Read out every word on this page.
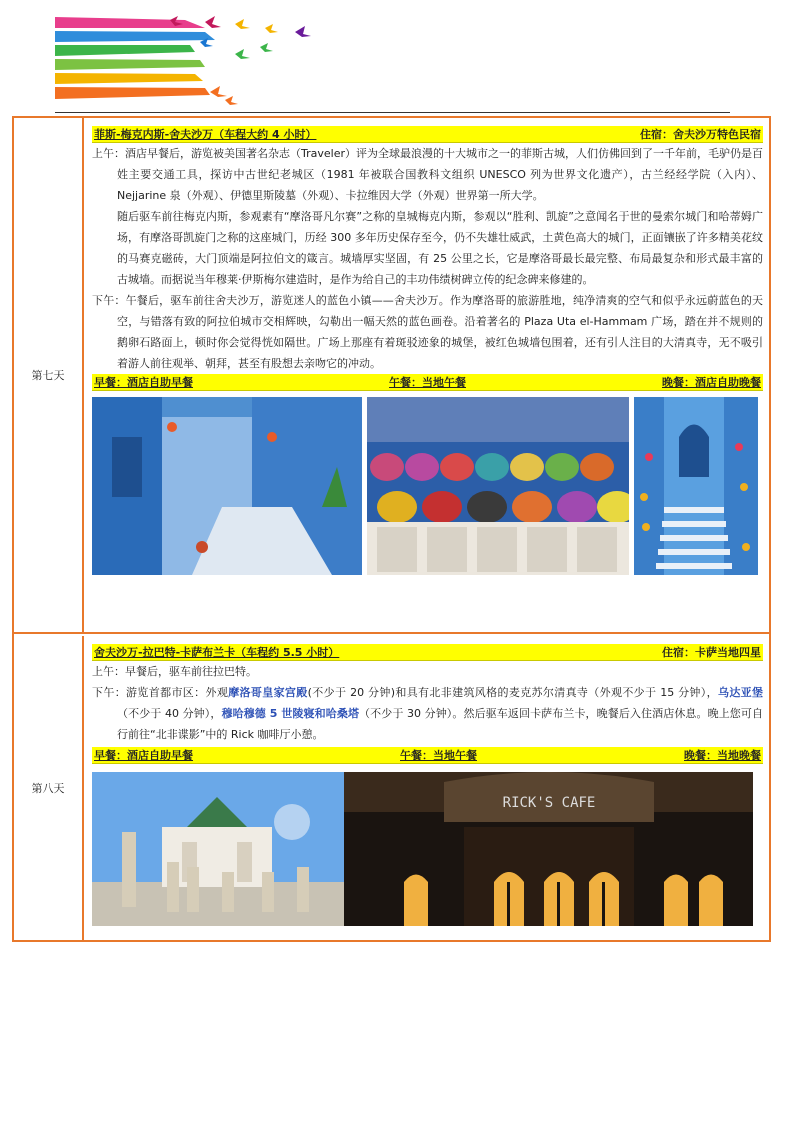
第七天
菲斯-梅克内斯-舍夫沙万（车程大约 4 小时）	住宿：舍夫沙万特色民宿

上午：酒店早餐后，游览被美国著名杂志（Traveler）评为全球最浪漫的十大城市之一的菲斯古城，人们仿佛回到了一千年前，毛驴仍是百姓主要交通工具，探访中古世纪老城区（1981 年被联合国教科文组织 UNESCO 列为世界文化遗产），古兰经经学院（入内）、Nejjarine 泉（外观）、伊德里斯陵墓（外观）、卡拉维因大学（外观）世界第一所大学。

随后驱车前往梅克内斯，参观素有“摩洛哥凡尔赛”之称的皇城梅克内斯，参观以“胜利、凯旋”之意闻名于世的曼索尔城门和哈蒂姆广场，有摩洛哥凯旋门之称的这座城门，历经 300 多年历史保存至今，仍不失雄壮威武，土黄色高大的城门，正面镶嵌了许多精美花纹的马赛克磁砖，大门顶端是阿拉伯文的箴言。城墙厚实坚固，有 25 公里之长，它是摩洛哥最长最完整、布局最复杂和形式最丰富的古城墙。而据说当年穆莱·伊斯梅尔建造时，是作为给自己的丰功伟绩树碑立传的纪念碑来修建的。

下午：午餐后，驱车前往舍夫沙万，游览迷人的蓝色小镇——舍夫沙万。作为摩洛哥的旅游胜地，纯净清爽的空气和似乎永远蔚蓝色的天空，与错落有致的阿拉伯城市交相辉映，勾勒出一幅天然的蓝色画卷。沿着著名的 Plaza Uta el-Hammam 广场，踏在并不规则的鹅卵石路面上，顿时你会觉得恍如隔世。广场上那座有着斑驳迹象的城堡，被红色城墙包围着，还有引人注目的大清真寺，无不吸引着游人前往观举、朝拜，甚至有股想去亲吻它的冲动。

早餐：酒店自助早餐	午餐：当地午餐	晚餐：酒店自助晚餐
第八天
舍夫沙万-拉巴特-卡萨布兰卡（车程约 5.5 小时）	住宿：卡萨当地四星

上午：早餐后，驱车前往拉巴特。

下午：游览首都市区：外观摩洛哥皇家宫殿(不少于 20 分钟)和具有北非建筑风格的麦克苏尔清真寺（外观不少于 15 分钟），乌达亚堡（不少于 40 分钟），穆哈穆德 5 世陵寝和哈桑塔（不少于 30 分钟）。然后驱车返回卡萨布兰卡，晚餐后入住酒店休息。晚上您可自行前往“北非谍影”中的 Rick 咖啡厅小憩。

早餐：酒店自助早餐	午餐：当地午餐	晚餐：当地晚餐
RICK'S CAFE
